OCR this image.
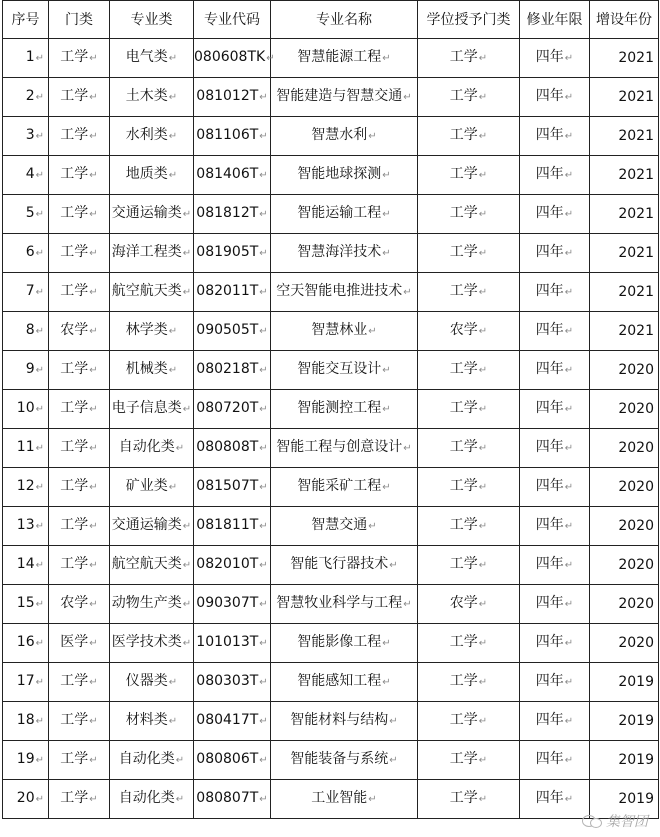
序号	门类	专业类	专业代码	专业名称	学位授予门类	修业年限	增设年份
1↵	工学↵	电气类↵	080608TK↵	智慧能源工程↵	工学↵	四年↵	2021
2↵	工学↵	土木类↵	081012T↵	智能建造与智慧交通↵	工学↵	四年↵	2021
3↵	工学↵	水利类↵	081106T↵	智慧水利↵	工学↵	四年↵	2021
4↵	工学↵	地质类↵	081406T↵	智能地球探测↵	工学↵	四年↵	2021
5↵	工学↵	交通运输类↵	081812T↵	智能运输工程↵	工学↵	四年↵	2021
6↵	工学↵	海洋工程类↵	081905T↵	智慧海洋技术↵	工学↵	四年↵	2021
7↵	工学↵	航空航天类↵	082011T↵	空天智能电推进技术↵	工学↵	四年↵	2021
8↵	农学↵	林学类↵	090505T↵	智慧林业↵	农学↵	四年↵	2021
9↵	工学↵	机械类↵	080218T↵	智能交互设计↵	工学↵	四年↵	2020
10↵	工学↵	电子信息类↵	080720T↵	智能测控工程↵	工学↵	四年↵	2020
11↵	工学↵	自动化类↵	080808T↵	智能工程与创意设计↵	工学↵	四年↵	2020
12↵	工学↵	矿业类↵	081507T↵	智能采矿工程↵	工学↵	四年↵	2020
13↵	工学↵	交通运输类↵	081811T↵	智慧交通↵	工学↵	四年↵	2020
14↵	工学↵	航空航天类↵	082010T↵	智能飞行器技术↵	工学↵	四年↵	2020
15↵	农学↵	动物生产类↵	090307T↵	智慧牧业科学与工程↵	农学↵	四年↵	2020
16↵	医学↵	医学技术类↵	101013T↵	智能影像工程↵	工学↵	四年↵	2020
17↵	工学↵	仪器类↵	080303T↵	智能感知工程↵	工学↵	四年↵	2019
18↵	工学↵	材料类↵	080417T↵	智能材料与结构↵	工学↵	四年↵	2019
19↵	工学↵	自动化类↵	080806T↵	智能装备与系统↵	工学↵	四年↵	2019
20↵	工学↵	自动化类↵	080807T↵	工业智能↵	工学↵	四年↵	2019
集智团
